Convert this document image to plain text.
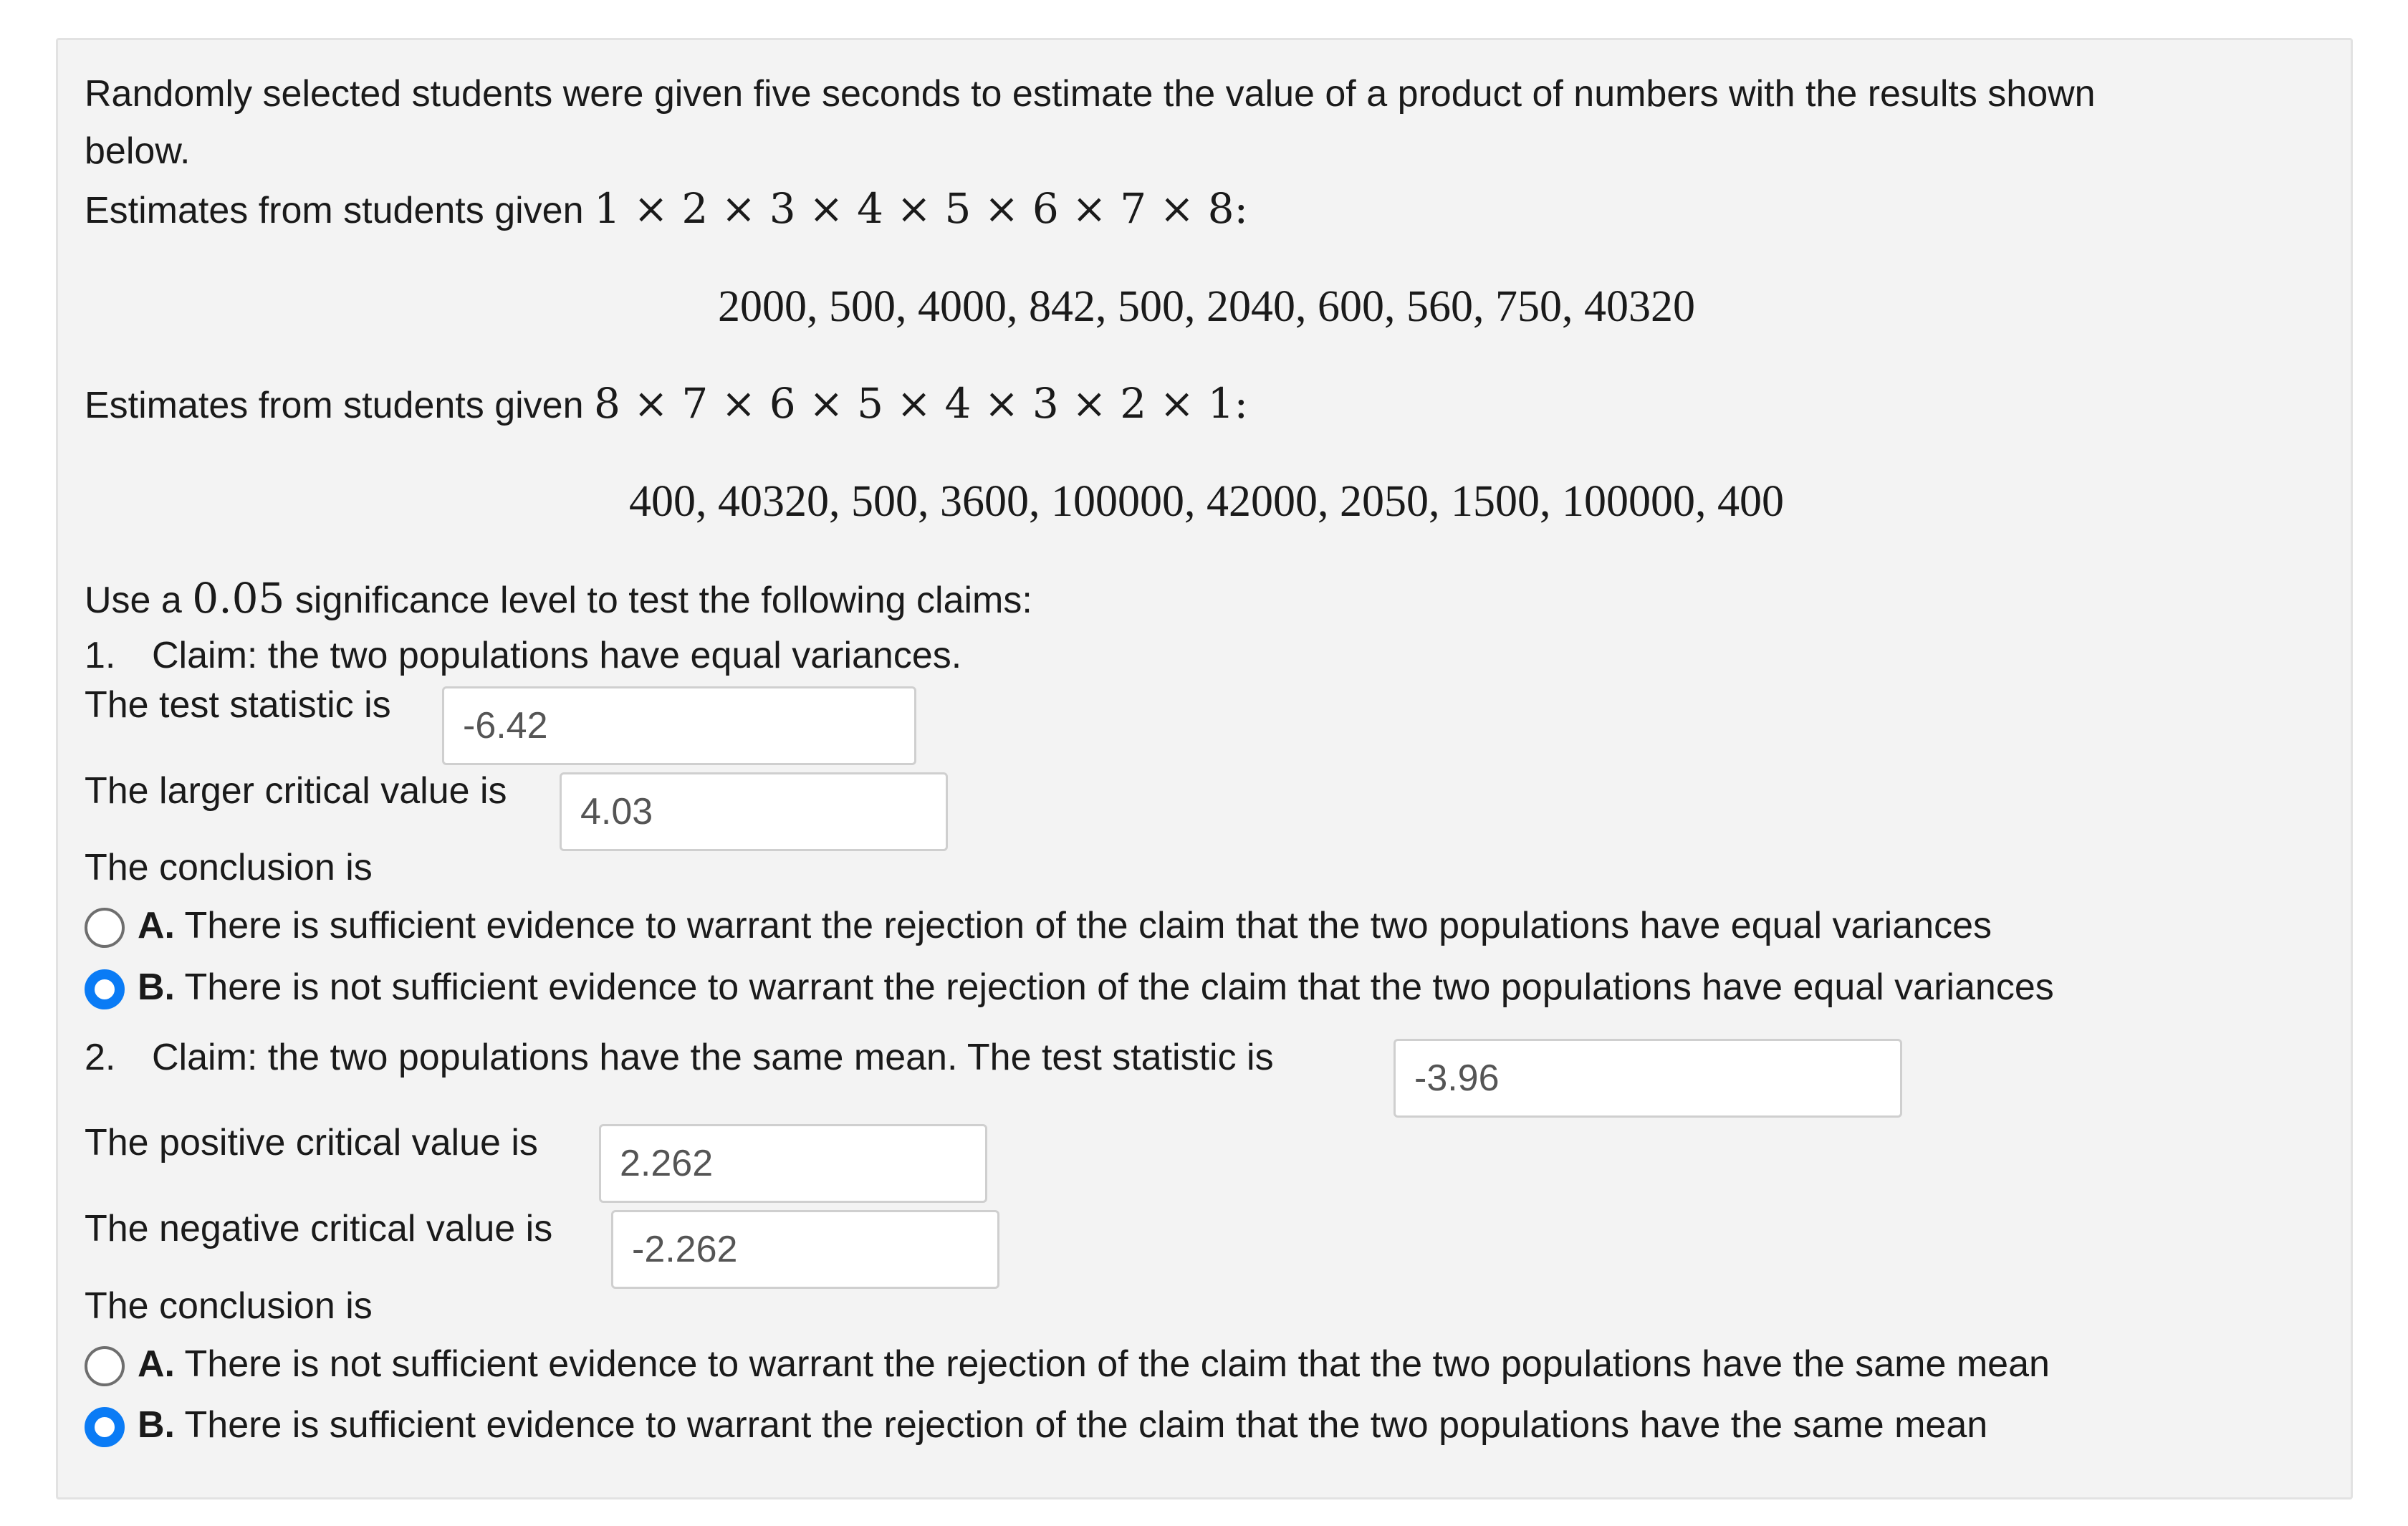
Randomly selected students were given five seconds to estimate the value of a product of numbers with the results shown
below.
Estimates from students given 1 × 2 × 3 × 4 × 5 × 6 × 7 × 8:
2000, 500, 4000, 842, 500, 2040, 600, 560, 750, 40320
Estimates from students given 8 × 7 × 6 × 5 × 4 × 3 × 2 × 1:
400, 40320, 500, 3600, 100000, 42000, 2050, 1500, 100000, 400
Use a 0.05 significance level to test the following claims:
1. Claim: the two populations have equal variances.
The test statistic is	-6.42
The larger critical value is	4.03
The conclusion is
A. There is sufficient evidence to warrant the rejection of the claim that the two populations have equal variances
B. There is not sufficient evidence to warrant the rejection of the claim that the two populations have equal variances
2. Claim: the two populations have the same mean. The test statistic is	-3.96
The positive critical value is	2.262
The negative critical value is	-2.262
The conclusion is
A. There is not sufficient evidence to warrant the rejection of the claim that the two populations have the same mean
B. There is sufficient evidence to warrant the rejection of the claim that the two populations have the same mean
